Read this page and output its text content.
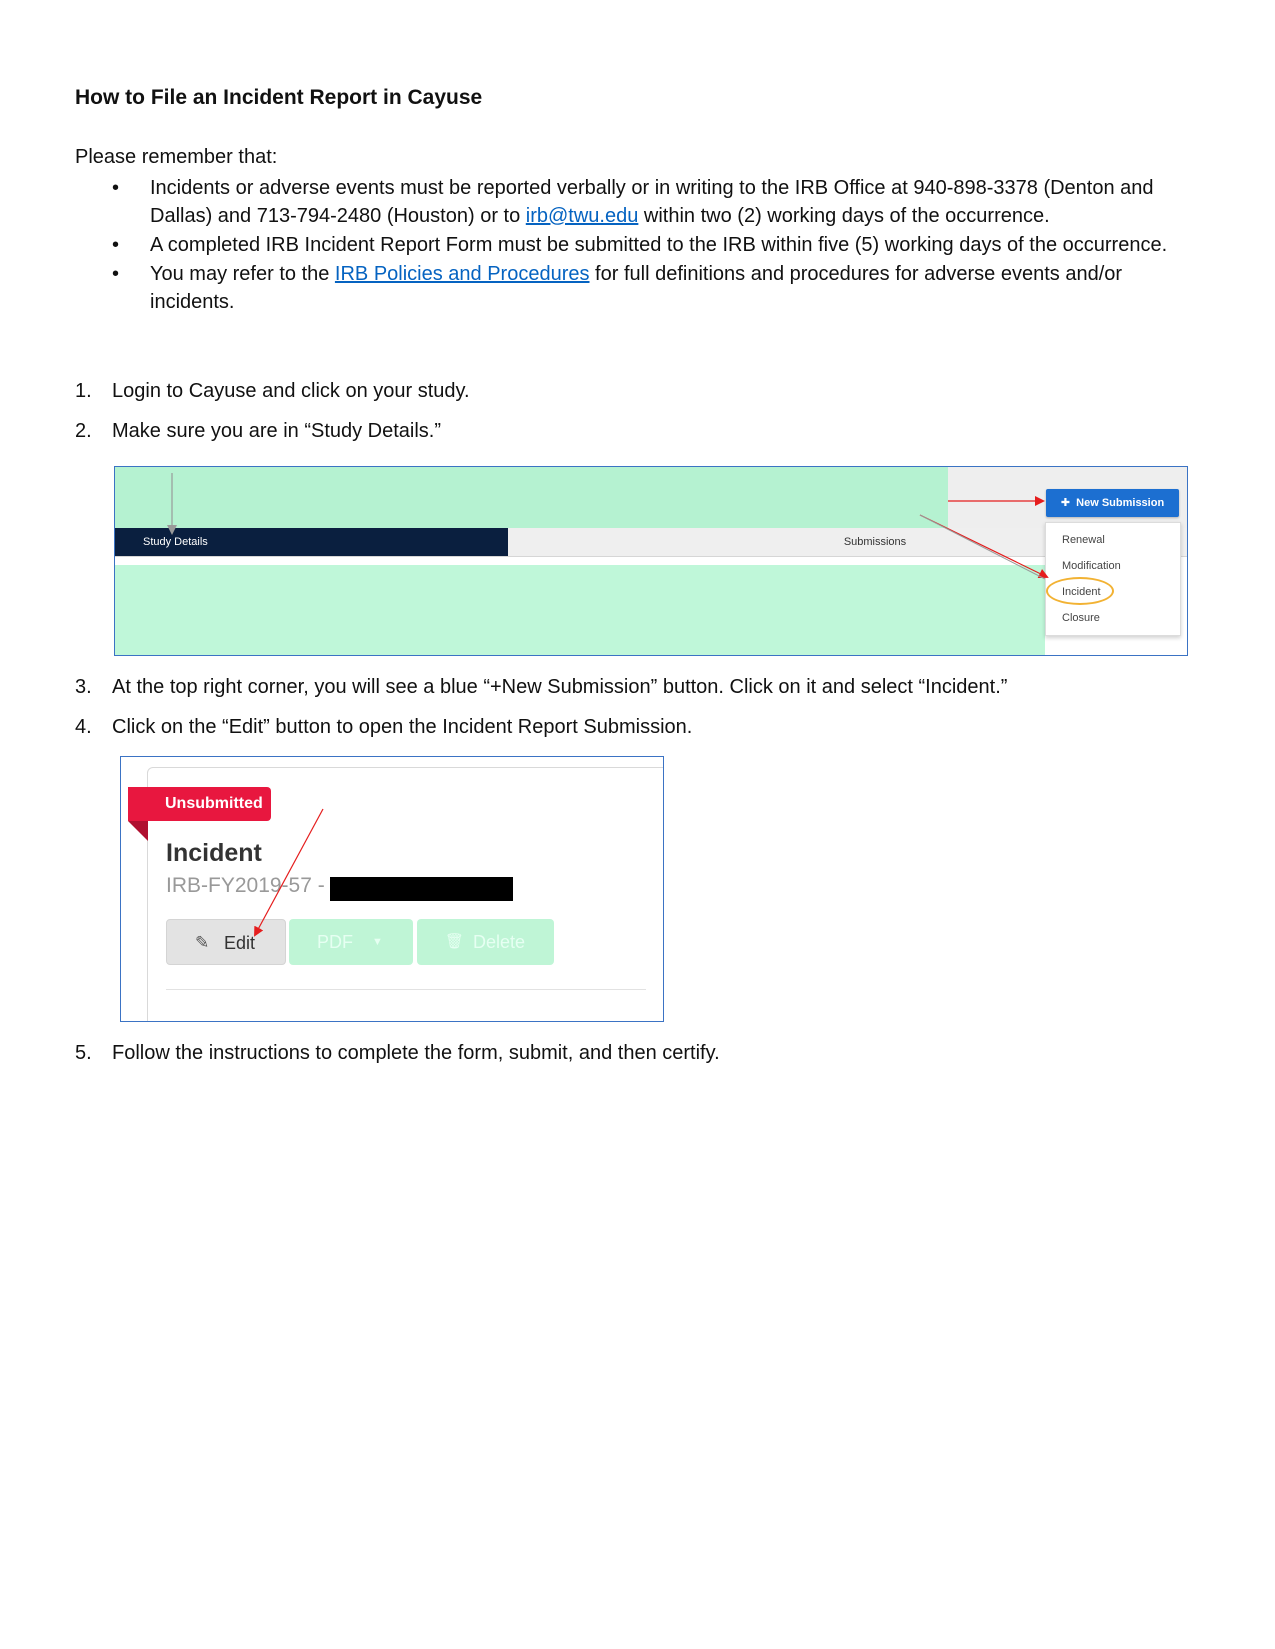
How to File an Incident Report in Cayuse

Please remember that:

• Incidents or adverse events must be reported verbally or in writing to the IRB Office at 940-898-3378 (Denton and Dallas) and 713-794-2480 (Houston) or to irb@twu.edu within two (2) working days of the occurrence.
• A completed IRB Incident Report Form must be submitted to the IRB within five (5) working days of the occurrence.
• You may refer to the IRB Policies and Procedures for full definitions and procedures for adverse events and/or incidents.

1. Login to Cayuse and click on your study.

2. Make sure you are in “Study Details.”

Study Details	Submissions
✚  New Submission
Renewal
Modification
Incident
Closure

3. At the top right corner, you will see a blue “+New Submission” button. Click on it and select “Incident.”

4. Click on the “Edit” button to open the Incident Report Submission.

Unsubmitted
Incident
IRB-FY2019-57 -
✎ Edit	PDF ▼	🗑 Delete

5. Follow the instructions to complete the form, submit, and then certify.
